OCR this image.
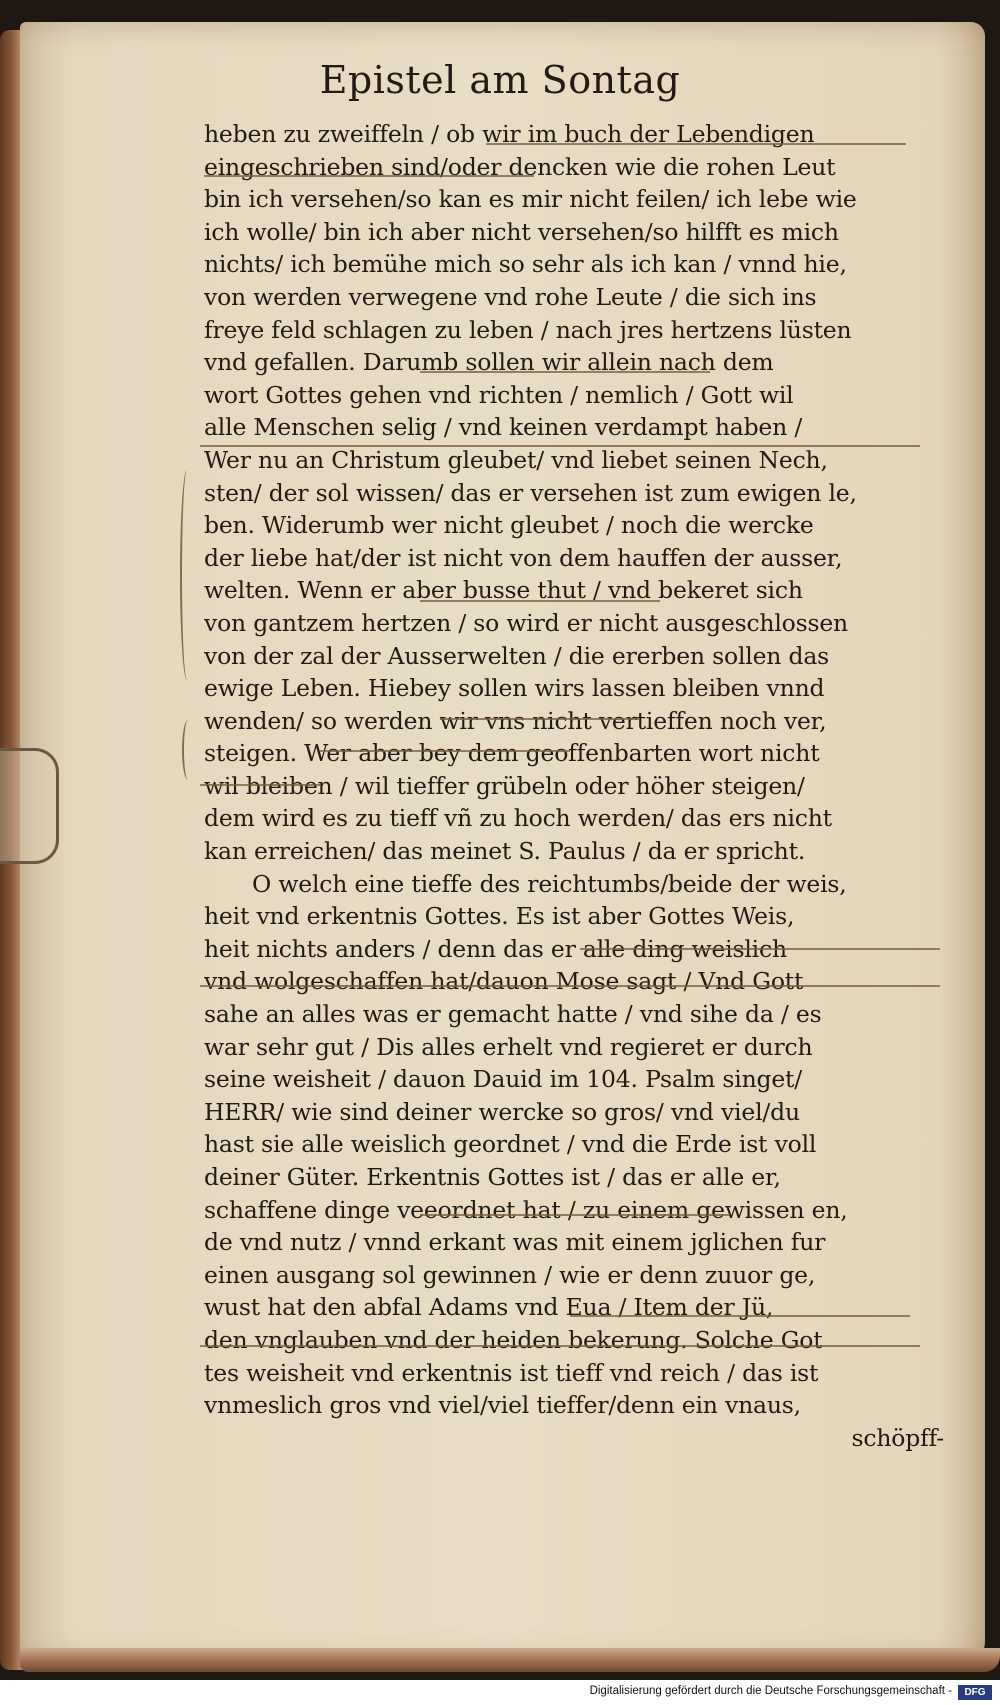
Epistel am Sontag
heben zu zweiffeln / ob wir im buch der Lebendigen
eingeschrieben sind/oder dencken wie die rohen Leut
bin ich versehen/so kan es mir nicht feilen/ ich lebe wie
ich wolle/ bin ich aber nicht versehen/so hilfft es mich
nichts/ ich bemühe mich so sehr als ich kan / vnnd hie,
von werden verwegene vnd rohe Leute / die sich ins
freye feld schlagen zu leben / nach jres hertzens lüsten
vnd gefallen. Darumb sollen wir allein nach dem
wort Gottes gehen vnd richten / nemlich / Gott wil
alle Menschen selig / vnd keinen verdampt haben /
Wer nu an Christum gleubet/ vnd liebet seinen Nech,
sten/ der sol wissen/ das er versehen ist zum ewigen le,
ben. Widerumb wer nicht gleubet / noch die wercke
der liebe hat/der ist nicht von dem hauffen der ausser,
welten. Wenn er aber busse thut / vnd bekeret sich
von gantzem hertzen / so wird er nicht ausgeschlossen
von der zal der Ausserwelten / die ererben sollen das
ewige Leben. Hiebey sollen wirs lassen bleiben vnnd
wenden/ so werden wir vns nicht vertieffen noch ver,
steigen. Wer aber bey dem geoffenbarten wort nicht
wil bleiben / wil tieffer grübeln oder höher steigen/
dem wird es zu tieff vñ zu hoch werden/ das ers nicht
kan erreichen/ das meinet S. Paulus / da er spricht.
O welch eine tieffe des reichtumbs/beide der weis,
heit vnd erkentnis Gottes. Es ist aber Gottes Weis,
heit nichts anders / denn das er alle ding weislich
vnd wolgeschaffen hat/dauon Mose sagt / Vnd Gott
sahe an alles was er gemacht hatte / vnd sihe da / es
war sehr gut / Dis alles erhelt vnd regieret er durch
seine weisheit / dauon Dauid im 104. Psalm singet/
HERR/ wie sind deiner wercke so gros/ vnd viel/du
hast sie alle weislich geordnet / vnd die Erde ist voll
deiner Güter. Erkentnis Gottes ist / das er alle er,
schaffene dinge veeordnet hat / zu einem gewissen en,
de vnd nutz / vnnd erkant was mit einem jglichen fur
einen ausgang sol gewinnen / wie er denn zuuor ge,
wust hat den abfal Adams vnd Eua / Item der Jü,
den vnglauben vnd der heiden bekerung. Solche Got
tes weisheit vnd erkentnis ist tieff vnd reich / das ist
vnmeslich gros vnd viel/viel tieffer/denn ein vnaus,
schöpff-
Digitalisierung gefördert durch die Deutsche Forschungsgemeinschaft -	DFG
